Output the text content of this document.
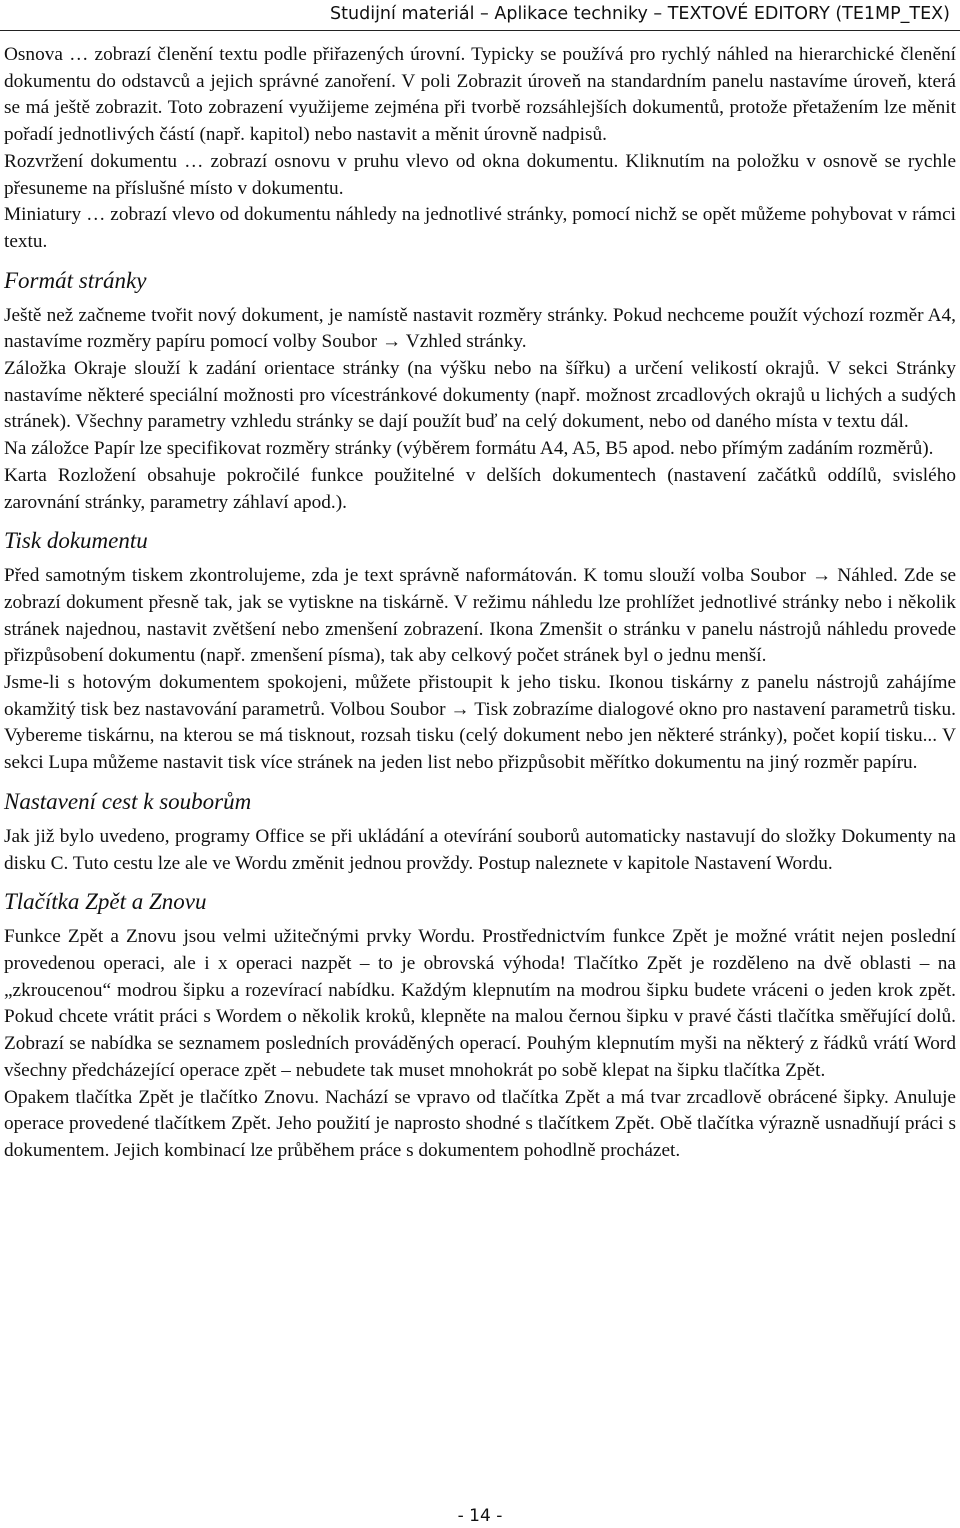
Studijní materiál – Aplikace techniky – TEXTOVÉ EDITORY (TE1MP_TEX)

Osnova … zobrazí členění textu podle přiřazených úrovní. Typicky se používá pro rychlý náhled na hierarchické členění dokumentu do odstavců a jejich správné zanoření. V poli Zobrazit úroveň na standardním panelu nastavíme úroveň, která se má ještě zobrazit. Toto zobrazení využijeme zejména při tvorbě rozsáhlejších dokumentů, protože přetažením lze měnit pořadí jednotlivých částí (např. kapitol) nebo nastavit a měnit úrovně nadpisů.

Rozvržení dokumentu … zobrazí osnovu v pruhu vlevo od okna dokumentu. Kliknutím na položku v osnově se rychle přesuneme na příslušné místo v dokumentu.

Miniatury … zobrazí vlevo od dokumentu náhledy na jednotlivé stránky, pomocí nichž se opět můžeme pohybovat v rámci textu.

Formát stránky

Ještě než začneme tvořit nový dokument, je namístě nastavit rozměry stránky. Pokud nechceme použít výchozí rozměr A4, nastavíme rozměry papíru pomocí volby Soubor → Vzhled stránky.

Záložka Okraje slouží k zadání orientace stránky (na výšku nebo na šířku) a určení velikostí okrajů. V sekci Stránky nastavíme některé speciální možnosti pro vícestránkové dokumenty (např. možnost zrcadlových okrajů u lichých a sudých stránek). Všechny parametry vzhledu stránky se dají použít buď na celý dokument, nebo od daného místa v textu dál.

Na záložce Papír lze specifikovat rozměry stránky (výběrem formátu A4, A5, B5 apod. nebo přímým zadáním rozměrů).

Karta Rozložení obsahuje pokročilé funkce použitelné v delších dokumentech (nastavení začátků oddílů, svislého zarovnání stránky, parametry záhlaví apod.).

Tisk dokumentu

Před samotným tiskem zkontrolujeme, zda je text správně naformátován. K tomu slouží volba Soubor → Náhled. Zde se zobrazí dokument přesně tak, jak se vytiskne na tiskárně. V režimu náhledu lze prohlížet jednotlivé stránky nebo i několik stránek najednou, nastavit zvětšení nebo zmenšení zobrazení. Ikona Zmenšit o stránku v panelu nástrojů náhledu provede přizpůsobení dokumentu (např. zmenšení písma), tak aby celkový počet stránek byl o jednu menší.

Jsme-li s hotovým dokumentem spokojeni, můžete přistoupit k jeho tisku. Ikonou tiskárny z panelu nástrojů zahájíme okamžitý tisk bez nastavování parametrů. Volbou Soubor → Tisk zobrazíme dialogové okno pro nastavení parametrů tisku. Vybereme tiskárnu, na kterou se má tisknout, rozsah tisku (celý dokument nebo jen některé stránky), počet kopií tisku... V sekci Lupa můžeme nastavit tisk více stránek na jeden list nebo přizpůsobit měřítko dokumentu na jiný rozměr papíru.

Nastavení cest k souborům

Jak již bylo uvedeno, programy Office se při ukládání a otevírání souborů automaticky nastavují do složky Dokumenty na disku C. Tuto cestu lze ale ve Wordu změnit jednou provždy. Postup naleznete v kapitole Nastavení Wordu.

Tlačítka Zpět a Znovu

Funkce Zpět a Znovu jsou velmi užitečnými prvky Wordu. Prostřednictvím funkce Zpět je možné vrátit nejen poslední provedenou operaci, ale i x operaci nazpět – to je obrovská výhoda! Tlačítko Zpět je rozděleno na dvě oblasti – na „zkroucenou“ modrou šipku a rozevírací nabídku. Každým klepnutím na modrou šipku budete vráceni o jeden krok zpět. Pokud chcete vrátit práci s Wordem o několik kroků, klepněte na malou černou šipku v pravé části tlačítka směřující dolů. Zobrazí se nabídka se seznamem posledních prováděných operací. Pouhým klepnutím myši na některý z řádků vrátí Word všechny předcházející operace zpět – nebudete tak muset mnohokrát po sobě klepat na šipku tlačítka Zpět.

Opakem tlačítka Zpět je tlačítko Znovu. Nachází se vpravo od tlačítka Zpět a má tvar zrcadlově obrácené šipky. Anuluje operace provedené tlačítkem Zpět. Jeho použití je naprosto shodné s tlačítkem Zpět. Obě tlačítka výrazně usnadňují práci s dokumentem. Jejich kombinací lze průběhem práce s dokumentem pohodlně procházet.

- 14 -
